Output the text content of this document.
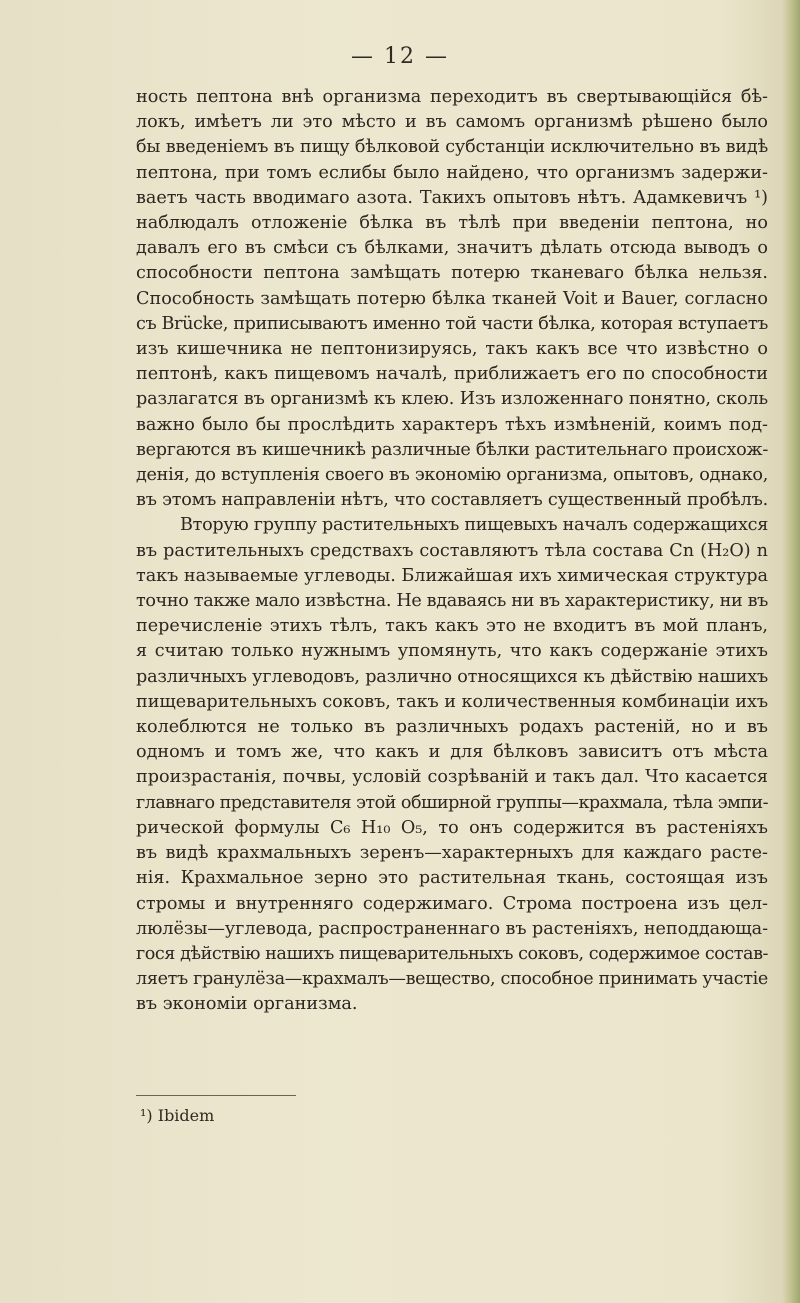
— 12 —
ность пептона внѣ организма переходитъ въ свертывающійся бѣ-
локъ, имѣетъ ли это мѣсто и въ самомъ организмѣ рѣшено было
бы введеніемъ въ пищу бѣлковой субстанціи исключительно въ видѣ
пептона, при томъ еслибы было найдено, что организмъ задержи-
ваетъ часть вводимаго азота. Такихъ опытовъ нѣтъ. Адамкевичъ ¹)
наблюдалъ отложеніе бѣлка въ тѣлѣ при введеніи пептона, но
давалъ его въ смѣси съ бѣлками, значитъ дѣлать отсюда выводъ о
способности пептона замѣщать потерю тканеваго бѣлка нельзя.
Способность замѣщать потерю бѣлка тканей Voit и Bauer, согласно
съ Brücke, приписываютъ именно той части бѣлка, которая вступаетъ
изъ кишечника не пептонизируясь, такъ какъ все что извѣстно о
пептонѣ, какъ пищевомъ началѣ, приближаетъ его по способности
разлагатся въ организмѣ къ клею. Изъ изложеннаго понятно, сколь
важно было бы прослѣдить характеръ тѣхъ измѣненій, коимъ под-
вергаются въ кишечникѣ различные бѣлки растительнаго происхож-
денія, до вступленія своего въ экономію организма, опытовъ, однако,
въ этомъ направленіи нѣтъ, что составляетъ существенный пробѣлъ.
Вторую группу растительныхъ пищевыхъ началъ содержащихся
въ растительныхъ средствахъ составляютъ тѣла состава Cn (H₂O) n
такъ называемые углеводы. Ближайшая ихъ химическая структура
точно также мало извѣстна. Не вдаваясь ни въ характеристику, ни въ
перечисленіе этихъ тѣлъ, такъ какъ это не входитъ въ мой планъ,
я считаю только нужнымъ упомянуть, что какъ содержаніе этихъ
различныхъ углеводовъ, различно относящихся къ дѣйствію нашихъ
пищеварительныхъ соковъ, такъ и количественныя комбинаціи ихъ
колеблются не только въ различныхъ родахъ растеній, но и въ
одномъ и томъ же, что какъ и для бѣлковъ зависитъ отъ мѣста
произрастанія, почвы, условій созрѣваній и такъ дал. Что касается
главнаго представителя этой обширной группы—крахмала, тѣла эмпи-
рической формулы C₆ H₁₀ O₅, то онъ содержится въ растеніяхъ
въ видѣ крахмальныхъ зеренъ—характерныхъ для каждаго расте-
нія. Крахмальное зерно это растительная ткань, состоящая изъ
стромы и внутренняго содержимаго. Строма построена изъ цел-
люлёзы—углевода, распространеннаго въ растеніяхъ, неподдающа-
гося дѣйствію нашихъ пищеварительныхъ соковъ, содержимое состав-
ляетъ гранулёза—крахмалъ—вещество, способное принимать участіе
въ экономіи организма.
¹) Ibidem
